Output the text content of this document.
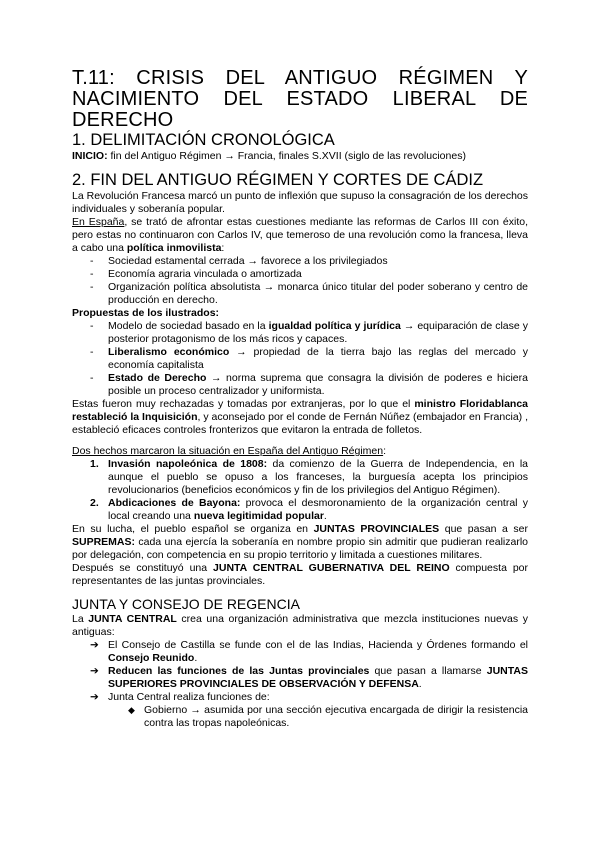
T.11: CRISIS DEL ANTIGUO RÉGIMEN Y
NACIMIENTO DEL ESTADO LIBERAL DE
DERECHO
1. DELIMITACIÓN CRONOLÓGICA

INICIO: fin del Antiguo Régimen → Francia, finales S.XVII (siglo de las revoluciones)

2. FIN DEL ANTIGUO RÉGIMEN Y CORTES DE CÁDIZ

La Revolución Francesa marcó un punto de inflexión que supuso la consagración de los derechos individuales y soberanía popular.

En España, se trató de afrontar estas cuestiones mediante las reformas de Carlos III con éxito, pero estas no continuaron con Carlos IV, que temeroso de una revolución como la francesa, lleva a cabo una política inmovilista:

- Sociedad estamental cerrada → favorece a los privilegiados
- Economía agraria vinculada o amortizada
- Organización política absolutista → monarca único titular del poder soberano y centro de producción en derecho.

Propuestas de los ilustrados:

- Modelo de sociedad basado en la igualdad política y jurídica → equiparación de clase y posterior protagonismo de los más ricos y capaces.
- Liberalismo económico → propiedad de la tierra bajo las reglas del mercado y economía capitalista
- Estado de Derecho → norma suprema que consagra la división de poderes e hiciera posible un proceso centralizador y uniformista.

Estas fueron muy rechazadas y tomadas por extranjeras, por lo que el ministro Floridablanca restableció la Inquisición, y aconsejado por el conde de Fernán Núñez (embajador en Francia) , estableció eficaces controles fronterizos que evitaron la entrada de folletos.

Dos hechos marcaron la situación en España del Antiguo Régimen:

1. Invasión napoleónica de 1808: da comienzo de la Guerra de Independencia, en la aunque el pueblo se opuso a los franceses, la burguesía acepta los principios revolucionarios (beneficios económicos y fin de los privilegios del Antiguo Régimen).
2. Abdicaciones de Bayona: provoca el desmoronamiento de la organización central y local creando una nueva legitimidad popular.

En su lucha, el pueblo español se organiza en JUNTAS PROVINCIALES que pasan a ser SUPREMAS: cada una ejercía la soberanía en nombre propio sin admitir que pudieran realizarlo por delegación, con competencia en su propio territorio y limitada a cuestiones militares.

Después se constituyó una JUNTA CENTRAL GUBERNATIVA DEL REINO compuesta por representantes de las juntas provinciales.

JUNTA Y CONSEJO DE REGENCIA

La JUNTA CENTRAL crea una organización administrativa que mezcla instituciones nuevas y antiguas:

➔ El Consejo de Castilla se funde con el de las Indias, Hacienda y Órdenes formando el Consejo Reunido.
➔ Reducen las funciones de las Juntas provinciales que pasan a llamarse JUNTAS SUPERIORES PROVINCIALES DE OBSERVACIÓN Y DEFENSA.
➔ Junta Central realiza funciones de:
◆ Gobierno → asumida por una sección ejecutiva encargada de dirigir la resistencia contra las tropas napoleónicas.
